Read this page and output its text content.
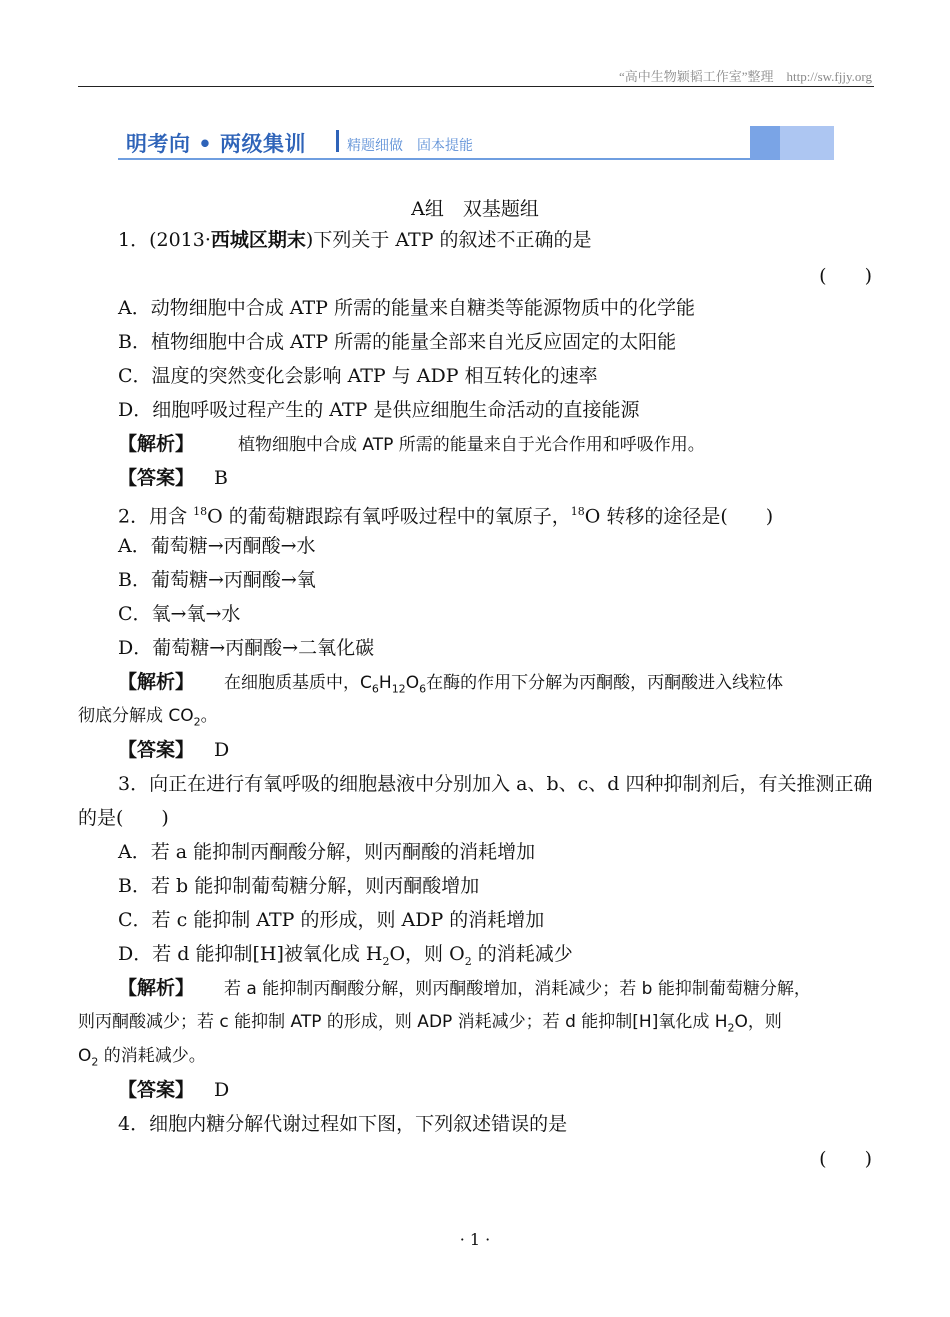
“高中生物颖韬工作室”整理　http://sw.fjjy.org
明考向 • 两级集训	精题细做　固本提能
A组　双基题组
1．(2013·西城区期末)下列关于 ATP 的叙述不正确的是
(　　)
A．动物细胞中合成 ATP 所需的能量来自糖类等能源物质中的化学能
B．植物细胞中合成 ATP 所需的能量全部来自光反应固定的太阳能
C．温度的突然变化会影响 ATP 与 ADP 相互转化的速率
D．细胞呼吸过程产生的 ATP 是供应细胞生命活动的直接能源
【解析】	植物细胞中合成 ATP 所需的能量来自于光合作用和呼吸作用。
【答案】 B
2．用含 $^{18}$O 的葡萄糖跟踪有氧呼吸过程中的氧原子，$^{18}$O 转移的途径是(　　)
A．葡萄糖→丙酮酸→水
B．葡萄糖→丙酮酸→氧
C．氧→氧→水
D．葡萄糖→丙酮酸→二氧化碳
【解析】 在细胞质基质中，$C_6H_{12}O_6$在酶的作用下分解为丙酮酸，丙酮酸进入线粒体
彻底分解成 $CO_2$。
【答案】 D
3．向正在进行有氧呼吸的细胞悬液中分别加入 a、b、c、d 四种抑制剂后，有关推测正确
的是(　　)
A．若 a 能抑制丙酮酸分解，则丙酮酸的消耗增加
B．若 b 能抑制葡萄糖分解，则丙酮酸增加
C．若 c 能抑制 ATP 的形成，则 ADP 的消耗增加
D．若 d 能抑制[H]被氧化成 $H_2O$，则 $O_2$ 的消耗减少
【解析】 若 a 能抑制丙酮酸分解，则丙酮酸增加，消耗减少；若 b 能抑制葡萄糖分解，
则丙酮酸减少；若 c 能抑制 ATP 的形成，则 ADP 消耗减少；若 d 能抑制[H]氧化成 $H_2O$，则
$O_2$ 的消耗减少。
【答案】 D
4．细胞内糖分解代谢过程如下图，下列叙述错误的是
(　　)
· 1 ·
